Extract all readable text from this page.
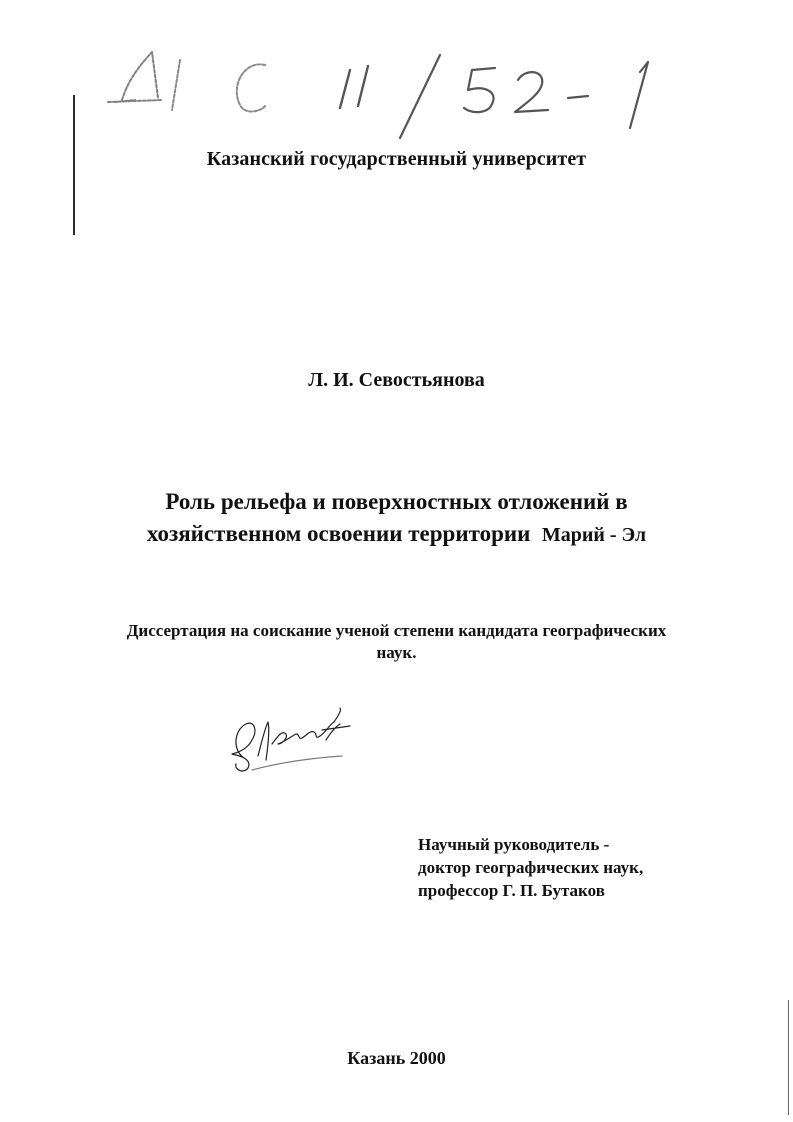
Казанский государственный университет
Л. И. Севостьянова
Роль рельефа и поверхностных отложений в
хозяйственном освоении территории Марий - Эл
Диссертация на соискание ученой степени кандидата географических
наук.
Научный руководитель -
доктор географических наук,
профессор Г. П. Бутаков
Казань 2000
